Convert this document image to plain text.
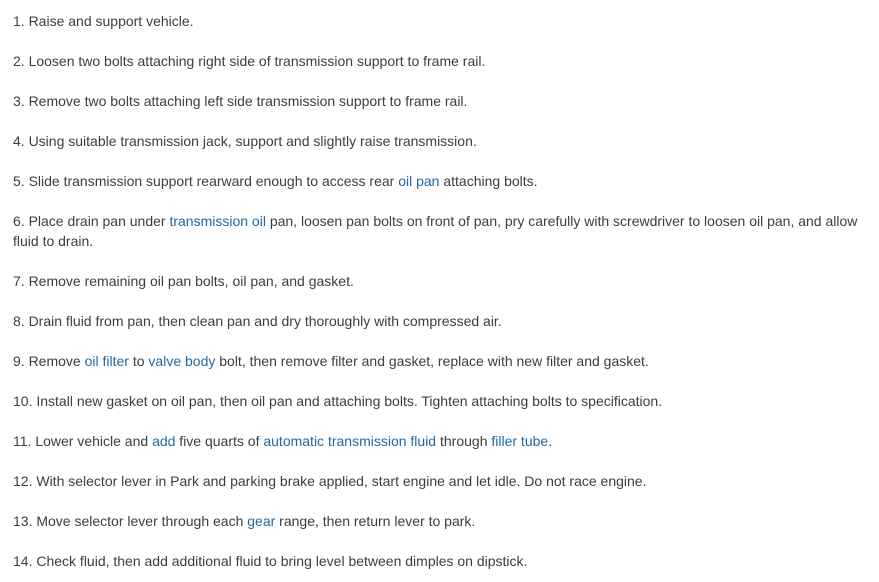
1. Raise and support vehicle.
2. Loosen two bolts attaching right side of transmission support to frame rail.
3. Remove two bolts attaching left side transmission support to frame rail.
4. Using suitable transmission jack, support and slightly raise transmission.
5. Slide transmission support rearward enough to access rear oil pan attaching bolts.
6. Place drain pan under transmission oil pan, loosen pan bolts on front of pan, pry carefully with screwdriver to loosen oil pan, and allow fluid to drain.
7. Remove remaining oil pan bolts, oil pan, and gasket.
8. Drain fluid from pan, then clean pan and dry thoroughly with compressed air.
9. Remove oil filter to valve body bolt, then remove filter and gasket, replace with new filter and gasket.
10. Install new gasket on oil pan, then oil pan and attaching bolts. Tighten attaching bolts to specification.
11. Lower vehicle and add five quarts of automatic transmission fluid through filler tube.
12. With selector lever in Park and parking brake applied, start engine and let idle. Do not race engine.
13. Move selector lever through each gear range, then return lever to park.
14. Check fluid, then add additional fluid to bring level between dimples on dipstick.
